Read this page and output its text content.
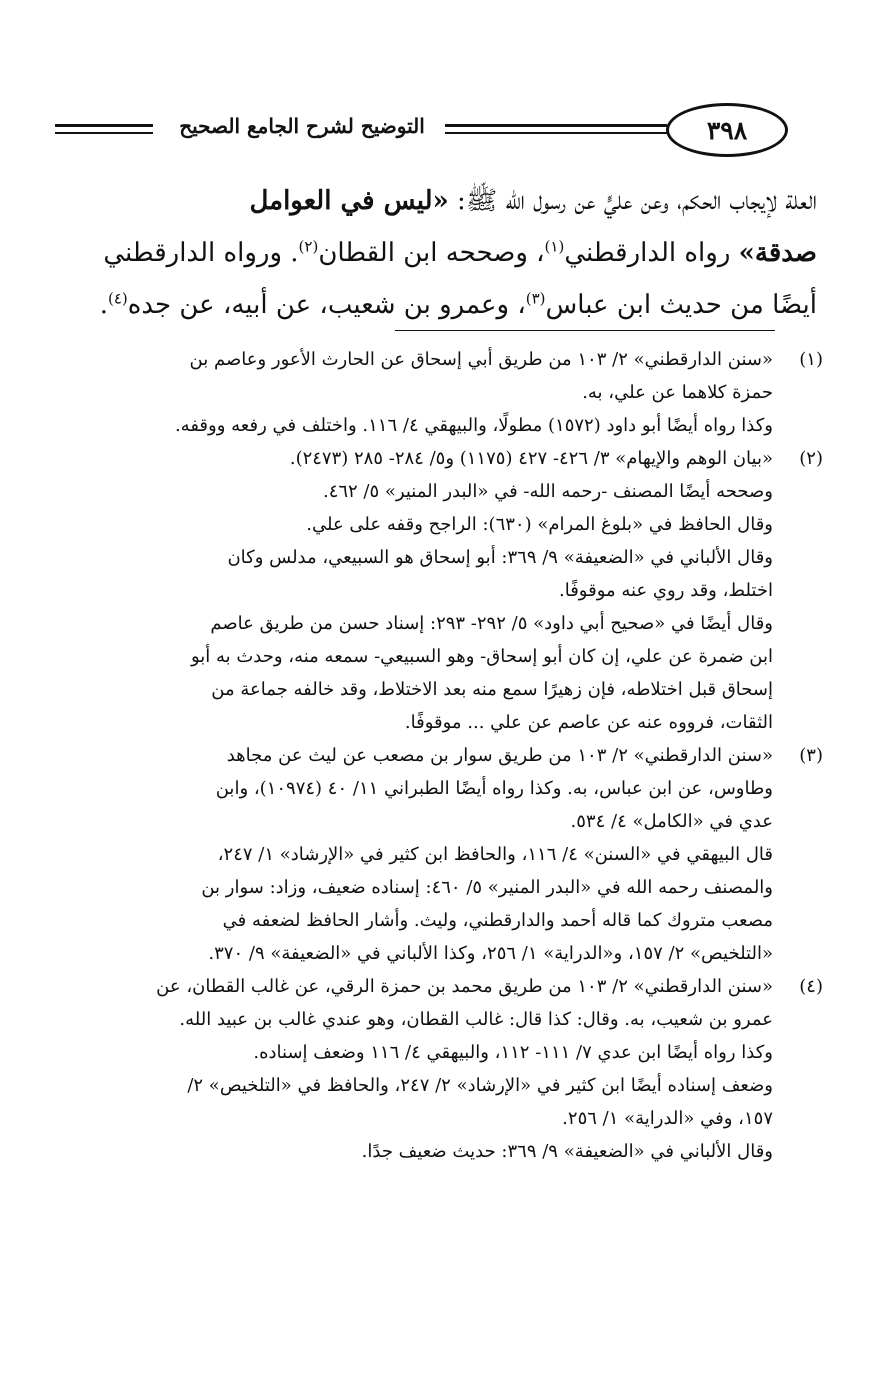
التوضيح لشرح الجامع الصحيح	٣٩٨
العلة لإيجاب الحكم، وعن عليٍّ عن رسول الله ﷺ: «ليس في العوامل
صدقة» رواه الدارقطني$^{(١)}$، وصححه ابن القطان$^{(٢)}$. ورواه الدارقطني
أيضًا من حديث ابن عباس$^{(٣)}$، وعمرو بن شعيب، عن أبيه، عن جده$^{(٤)}$.
(١)
«سنن الدارقطني» ٢/ ١٠٣ من طريق أبي إسحاق عن الحارث الأعور وعاصم بن
حمزة كلاهما عن علي، به.
وكذا رواه أيضًا أبو داود (١٥٧٢) مطولًا، والبيهقي ٤/ ١١٦. واختلف في رفعه ووقفه.
(٢)
«بيان الوهم والإيهام» ٣/ ٤٢٦- ٤٢٧ (١١٧٥) و٥/ ٢٨٤- ٢٨٥ (٢٤٧٣).
وصححه أيضًا المصنف -رحمه الله- في «البدر المنير» ٥/ ٤٦٢.
وقال الحافظ في «بلوغ المرام» (٦٣٠): الراجح وقفه على علي.
وقال الألباني في «الضعيفة» ٩/ ٣٦٩: أبو إسحاق هو السبيعي، مدلس وكان
اختلط، وقد روي عنه موقوفًا.
وقال أيضًا في «صحيح أبي داود» ٥/ ٢٩٢- ٢٩٣: إسناد حسن من طريق عاصم
ابن ضمرة عن علي، إن كان أبو إسحاق- وهو السبيعي- سمعه منه، وحدث به أبو
إسحاق قبل اختلاطه، فإن زهيرًا سمع منه بعد الاختلاط، وقد خالفه جماعة من
الثقات، فرووه عنه عن عاصم عن علي ... موقوفًا.
(٣)
«سنن الدارقطني» ٢/ ١٠٣ من طريق سوار بن مصعب عن ليث عن مجاهد
وطاوس، عن ابن عباس، به. وكذا رواه أيضًا الطبراني ١١/ ٤٠ (١٠٩٧٤)، وابن
عدي في «الكامل» ٤/ ٥٣٤.
قال البيهقي في «السنن» ٤/ ١١٦، والحافظ ابن كثير في «الإرشاد» ١/ ٢٤٧،
والمصنف رحمه الله في «البدر المنير» ٥/ ٤٦٠: إسناده ضعيف، وزاد: سوار بن
مصعب متروك كما قاله أحمد والدارقطني، وليث. وأشار الحافظ لضعفه في
«التلخيص» ٢/ ١٥٧، و«الدراية» ١/ ٢٥٦، وكذا الألباني في «الضعيفة» ٩/ ٣٧٠.
(٤)
«سنن الدارقطني» ٢/ ١٠٣ من طريق محمد بن حمزة الرقي، عن غالب القطان، عن
عمرو بن شعيب، به. وقال: كذا قال: غالب القطان، وهو عندي غالب بن عبيد الله.
وكذا رواه أيضًا ابن عدي ٧/ ١١١- ١١٢، والبيهقي ٤/ ١١٦ وضعف إسناده.
وضعف إسناده أيضًا ابن كثير في «الإرشاد» ٢/ ٢٤٧، والحافظ في «التلخيص» ٢/
١٥٧، وفي «الدراية» ١/ ٢٥٦.
وقال الألباني في «الضعيفة» ٩/ ٣٦٩: حديث ضعيف جدًا.
